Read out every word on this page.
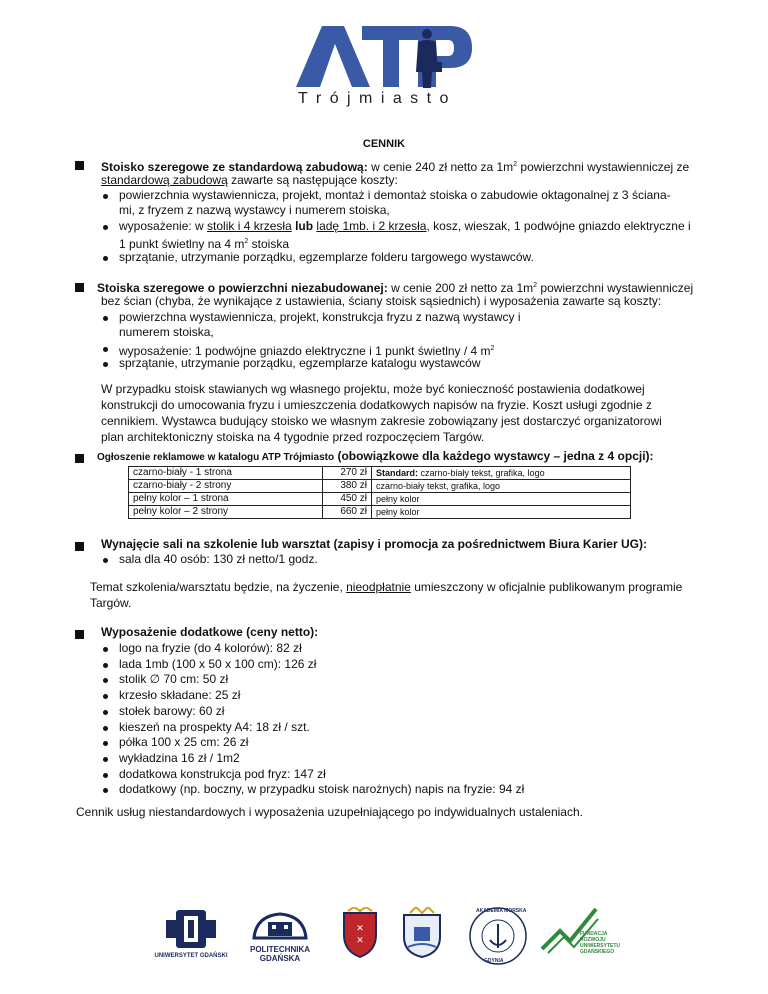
T r ó j m i a s t o
CENNIK
Stoisko szeregowe ze standardową zabudową: w cenie 240 zł netto za $1m^2$ powierzchni wystawienniczej ze
standardową zabudową zawarte są następujące koszty:
powierzchnia wystawiennicza, projekt, montaż i demontaż stoiska o zabudowie oktagonalnej z 3 ściana-
mi, z fryzem z nazwą wystawcy i numerem stoiska,
wyposażenie: w stolik i 4 krzesła lub ladę 1mb. i 2 krzesła, kosz, wieszak, 1 podwójne gniazdo elektryczne i
1 punkt świetlny na 4 $m^2$ stoiska
sprzątanie, utrzymanie porządku, egzemplarze folderu targowego wystawców.
Stoiska szeregowe o powierzchni niezabudowanej: w cenie 200 zł netto za $1m^2$ powierzchni wystawienniczej
bez ścian (chyba, że wynikające z ustawienia, ściany stoisk sąsiednich) i wyposażenia zawarte są koszty:
powierzchna wystawiennicza, projekt, konstrukcja fryzu z nazwą wystawcy i
numerem stoiska,
wyposażenie: 1 podwójne gniazdo elektryczne i 1 punkt świetlny / 4 $m^2$
sprzątanie, utrzymanie porządku, egzemplarze katalogu wystawców
W przypadku stoisk stawianych wg własnego projektu, może być konieczność postawienia dodatkowej
konstrukcji do umocowania fryzu i umieszczenia dodatkowych napisów na fryzie. Koszt usługi zgodnie z
cennikiem. Wystawca budujący stoisko we własnym zakresie zobowiązany jest dostarczyć organizatorowi
plan architektoniczny stoiska na 4 tygodnie przed rozpoczęciem Targów.
Ogłoszenie reklamowe w katalogu ATP Trójmiasto (obowiązkowe dla każdego wystawcy – jedna z 4 opcji):
czarno-biały - 1 strona	270 zł	Standard: czarno-biały tekst, grafika, logo
czarno-biały - 2 strony	380 zł	czarno-biały tekst, grafika, logo
pełny kolor – 1 strona	450 zł	pełny kolor
pełny kolor – 2 strony	660 zł	pełny kolor
Wynajęcie sali na szkolenie lub warsztat (zapisy i promocja za pośrednictwem Biura Karier UG):
sala dla 40 osób: 130 zł netto/1 godz.
Temat szkolenia/warsztatu będzie, na życzenie, nieodpłatnie umieszczony w oficjalnie publikowanym programie
Targów.
Wyposażenie dodatkowe (ceny netto):
logo na fryzie (do 4 kolorów): 82 zł
lada 1mb (100 x 50 x 100 cm): 126 zł
stolik ∅ 70 cm: 50 zł
krzesło składane: 25 zł
stołek barowy: 60 zł
kieszeń na prospekty A4: 18 zł / szt.
półka 100 x 25 cm: 26 zł
wykładzina 16 zł / 1m2
dodatkowa konstrukcja pod fryz: 147 zł
dodatkowy (np. boczny, w przypadku stoisk narożnych) napis na fryzie: 94 zł
Cennik usług niestandardowych i wyposażenia uzupełniającego po indywidualnych ustaleniach.
UNIWERSYTET GDAŃSKI
POLITECHNIKA
GDAŃSKA
✕
✕
AKADEMIA MORSKA
GDYNIA
FUNDACJA
ROZWOJU
UNIWERSYTETU
GDAŃSKIEGO
